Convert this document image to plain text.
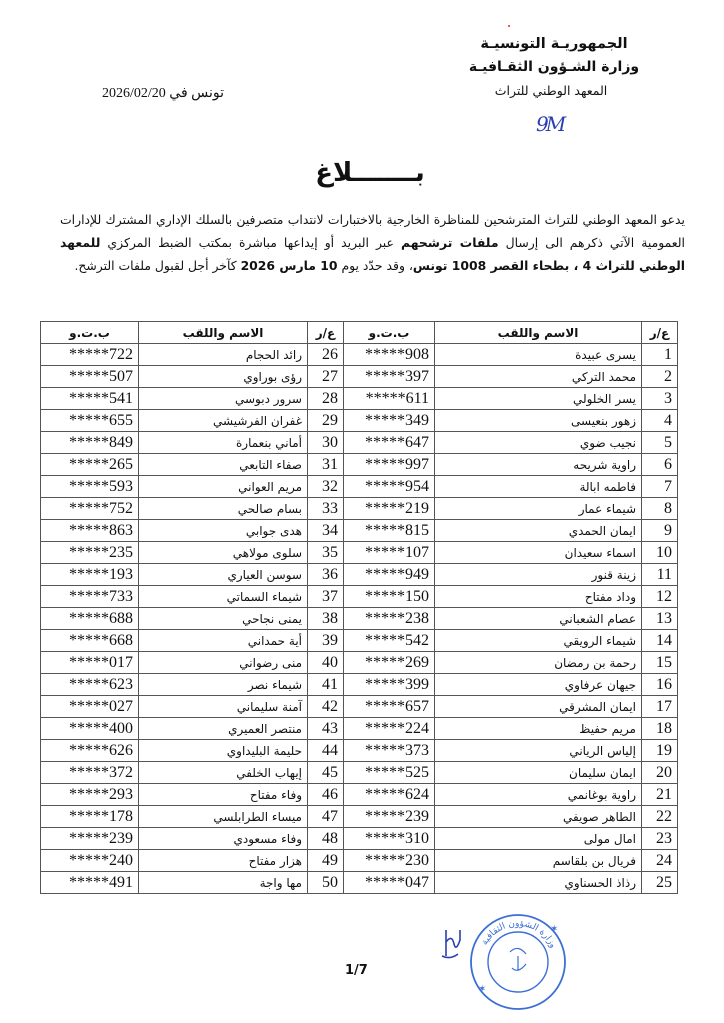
الجمهوريـة التونسيـة
وزارة الشـؤون الثقـافيـة
المعهد الوطني للتراث
تونس في 2026/02/20
9M
بـــــــلاغ
يدعو المعهد الوطني للتراث المترشحين للمناظرة الخارجية بالاختبارات لانتداب متصرفين بالسلك الإداري المشترك للإدارات العمومية الآتي ذكرهم الى إرسال ملفات ترشحهم عبر البريد أو إيداعها مباشرة بمكتب الضبط المركزي للمعهد الوطني للتراث 4 ، بطحاء القصر 1008 تونس، وقد حدّد يوم 10 مارس 2026 كآخر أجل لقبول ملفات الترشح.
ع/ر	الاسم واللقب	ب.ت.و	ع/ر	الاسم واللقب	ب.ت.و
1	يسرى عبيدة	*****908	26	رائد الحجام	*****722
2	محمد التركي	*****397	27	رؤى بوراوي	*****507
3	يسر الخلولي	*****611	28	سرور دبوسي	*****541
4	زهور بنعيسى	*****349	29	غفران الفرشيشي	*****655
5	نجيب ضوي	*****647	30	أماني بنعمارة	*****849
6	راوية شريحه	*****997	31	صفاء التابعي	*****265
7	فاطمه ابالة	*****954	32	مريم العواني	*****593
8	شيماء عمار	*****219	33	بسام صالحي	*****752
9	ايمان الحمدي	*****815	34	هدى جوابي	*****863
10	اسماء سعيدان	*****107	35	سلوى مولاهي	*****235
11	زينة قنور	*****949	36	سوسن العياري	*****193
12	وداد مفتاح	*****150	37	شيماء السماتي	*****733
13	عصام الشعباني	*****238	38	يمنى نجاحي	*****688
14	شيماء الرويقي	*****542	39	أية حمداني	*****668
15	رحمة بن رمضان	*****269	40	منى رضواني	*****017
16	جيهان عرفاوي	*****399	41	شيماء نصر	*****623
17	ايمان المشرقي	*****657	42	آمنة سليماني	*****027
18	مريم حفيظ	*****224	43	منتصر العميري	*****400
19	إلياس الرياني	*****373	44	حليمة البليداوي	*****626
20	ايمان سليمان	*****525	45	إيهاب الخلفي	*****372
21	راوية بوغانمي	*****624	46	وفاء مفتاح	*****293
22	الطاهر صويفي	*****239	47	ميساء الطرابلسي	*****178
23	امال مولى	*****310	48	وفاء مسعودي	*****239
24	فريال بن بلقاسم	*****230	49	هزار مفتاح	*****240
25	رذاذ الحسناوي	*****047	50	مها واجة	*****491
1/7
وزارة الشؤون الثقافية
✶
✶
